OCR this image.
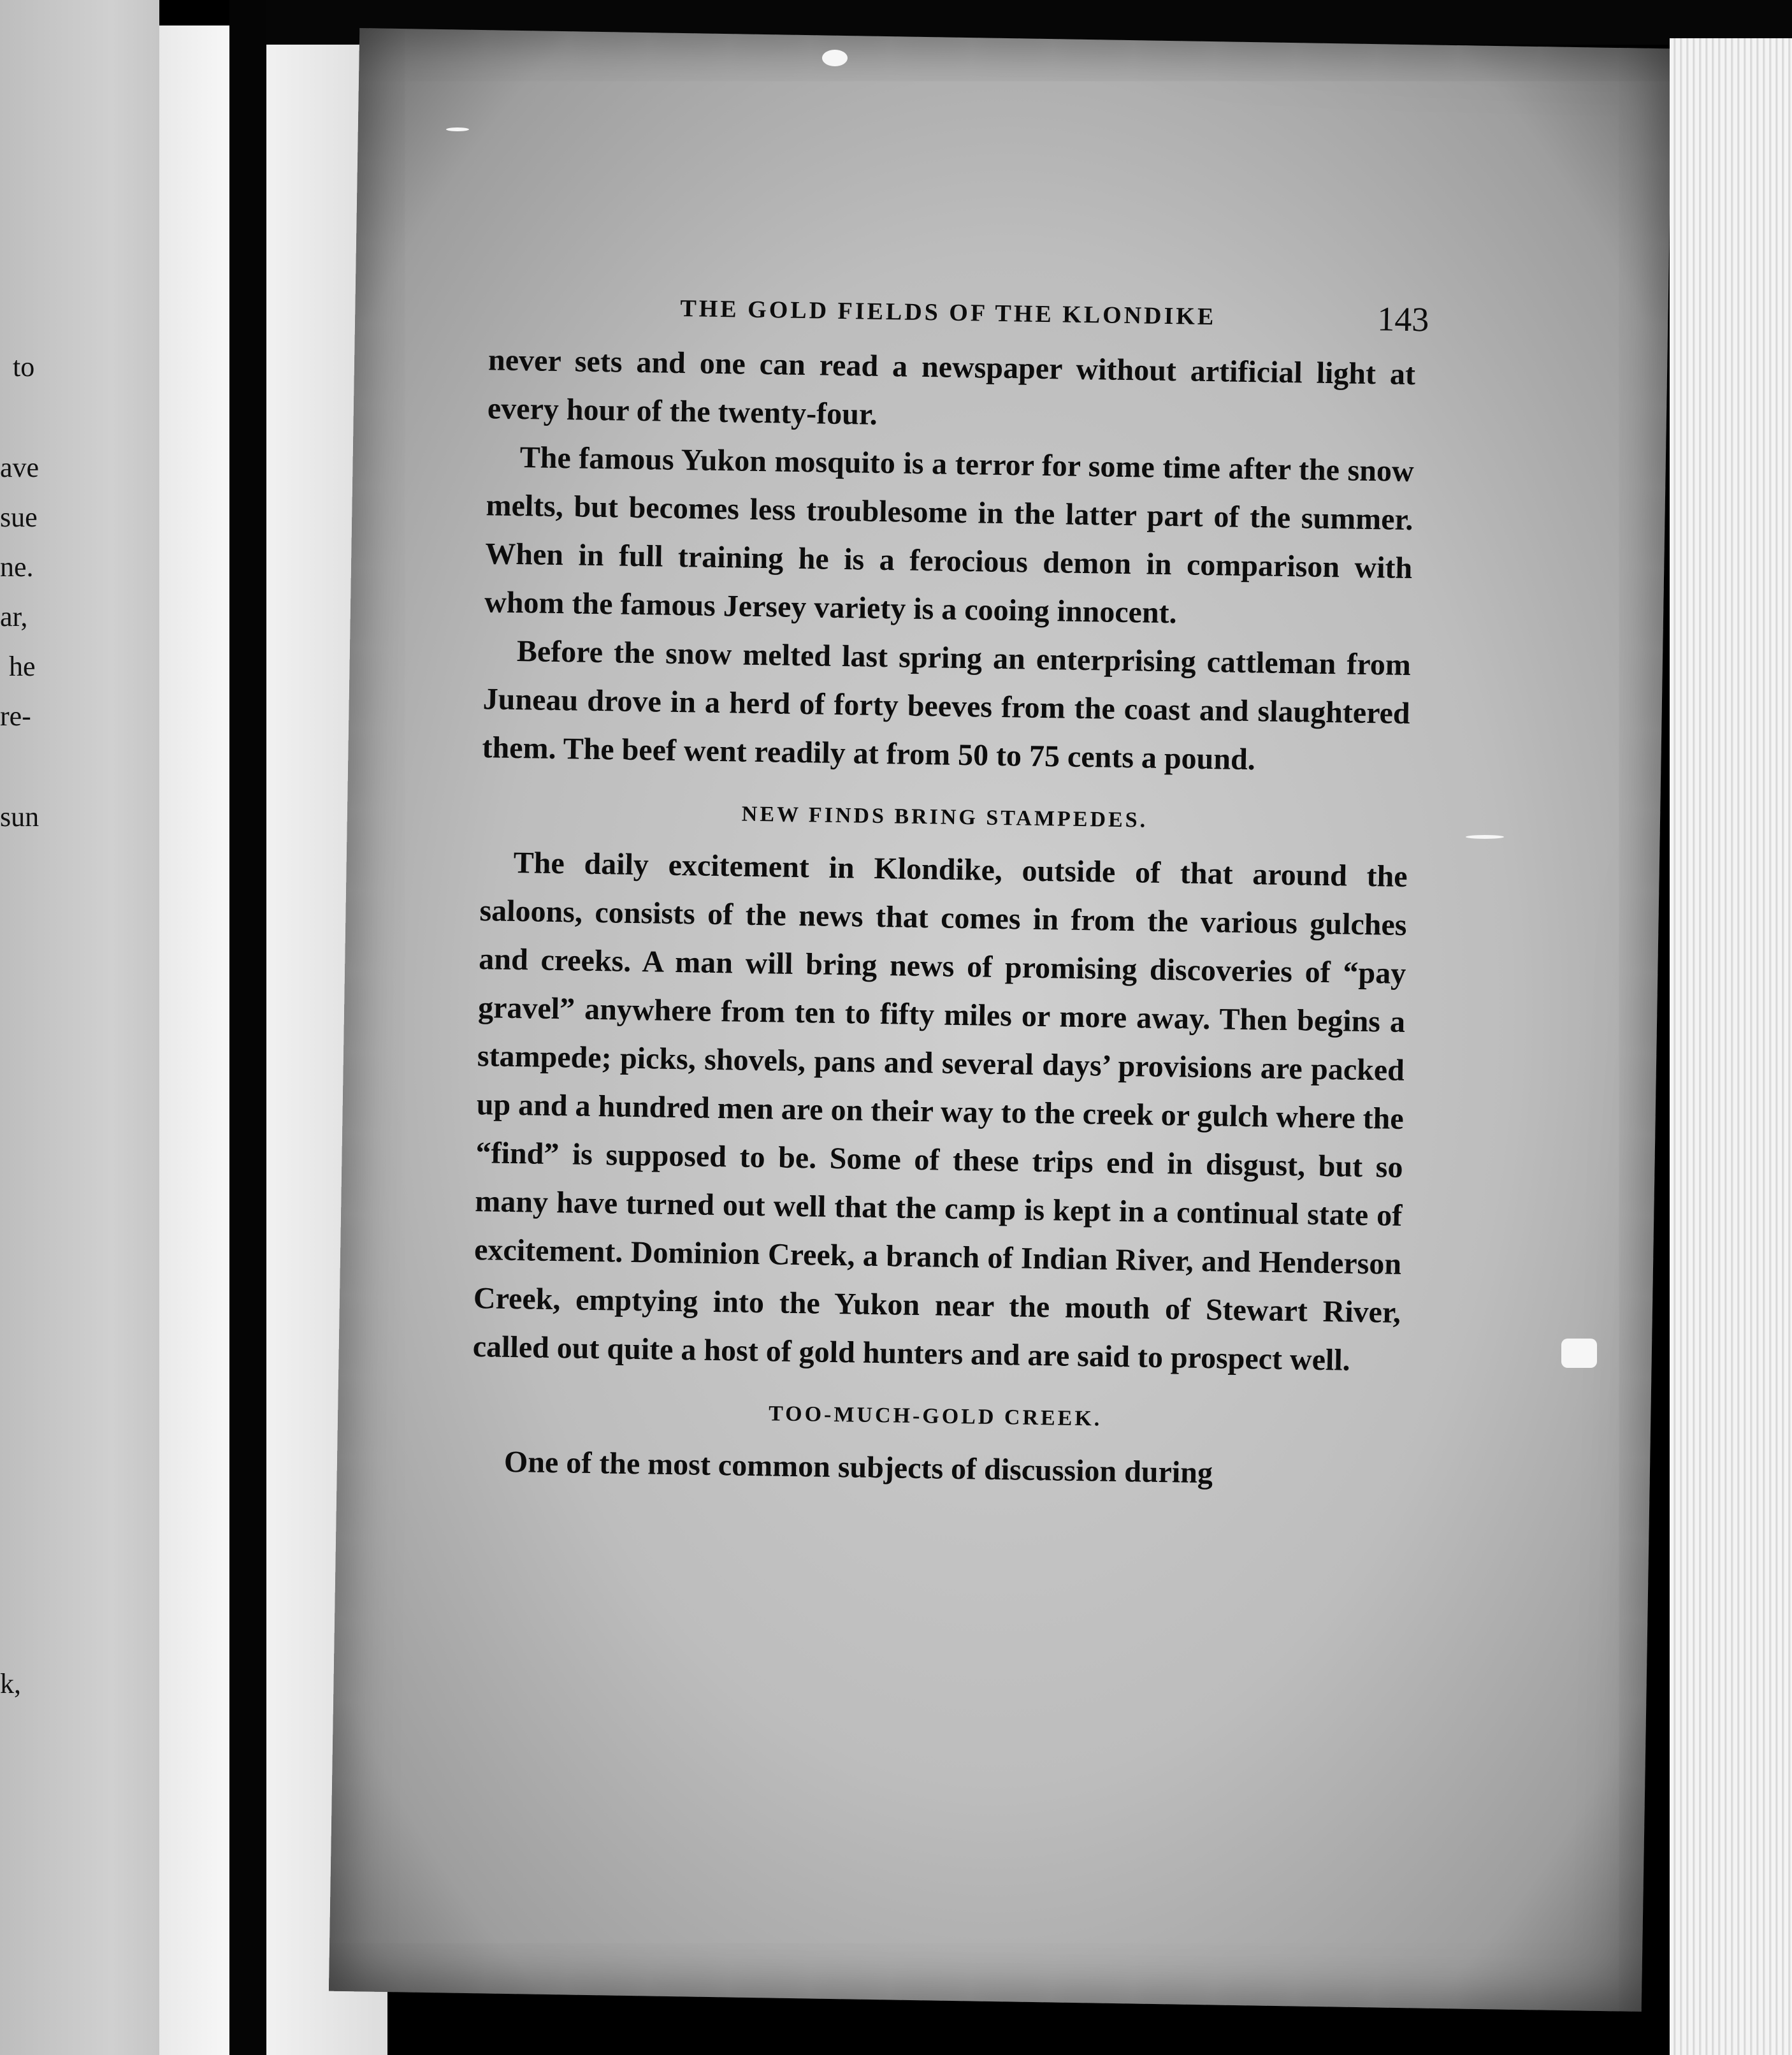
to
ave
sue
ne.
ar,
he
re-
sun
k,
THE GOLD FIELDS OF THE KLONDIKE	143

never sets and one can read a newspaper without artificial light at every hour of the twenty-four.

The famous Yukon mosquito is a terror for some time after the snow melts, but becomes less troublesome in the latter part of the summer. When in full training he is a ferocious demon in comparison with whom the famous Jersey variety is a cooing innocent.

Before the snow melted last spring an enterprising cattleman from Juneau drove in a herd of forty beeves from the coast and slaughtered them. The beef went readily at from 50 to 75 cents a pound.

NEW FINDS BRING STAMPEDES.

The daily excitement in Klondike, outside of that around the saloons, consists of the news that comes in from the various gulches and creeks. A man will bring news of promising discoveries of “pay gravel” anywhere from ten to fifty miles or more away. Then begins a stampede; picks, shovels, pans and several days’ provisions are packed up and a hundred men are on their way to the creek or gulch where the “find” is supposed to be. Some of these trips end in disgust, but so many have turned out well that the camp is kept in a continual state of excitement. Dominion Creek, a branch of Indian River, and Henderson Creek, emptying into the Yukon near the mouth of Stewart River, called out quite a host of gold hunters and are said to prospect well.

TOO-MUCH-GOLD CREEK.

One of the most common subjects of discussion during
